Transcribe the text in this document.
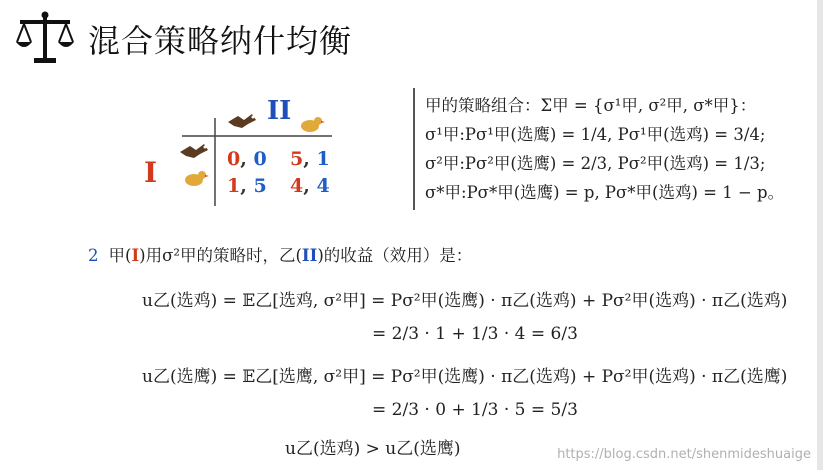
混合策略纳什均衡
II
I	0, 0 5, 1
1, 5 4, 4
甲的策略组合：Σ甲 = {σ¹甲, σ²甲, σ*甲}：
σ¹甲:Pσ¹甲(选鹰) = 1/4, Pσ¹甲(选鸡) = 3/4;
σ²甲:Pσ²甲(选鹰) = 2/3, Pσ²甲(选鸡) = 1/3;
σ*甲:Pσ*甲(选鹰) = p, Pσ*甲(选鸡) = 1 − p。
2 甲(I)用σ²甲的策略时，乙(II)的收益（效用）是：
u乙(选鸡) = 𝔼乙[选鸡, σ²甲] = Pσ²甲(选鹰) · π乙(选鸡) + Pσ²甲(选鸡) · π乙(选鸡)
= 2/3 · 1 + 1/3 · 4 = 6/3
u乙(选鹰) = 𝔼乙[选鹰, σ²甲] = Pσ²甲(选鹰) · π乙(选鸡) + Pσ²甲(选鸡) · π乙(选鹰)
= 2/3 · 0 + 1/3 · 5 = 5/3
u乙(选鸡) > u乙(选鹰)	https://blog.csdn.net/shenmideshuaige
